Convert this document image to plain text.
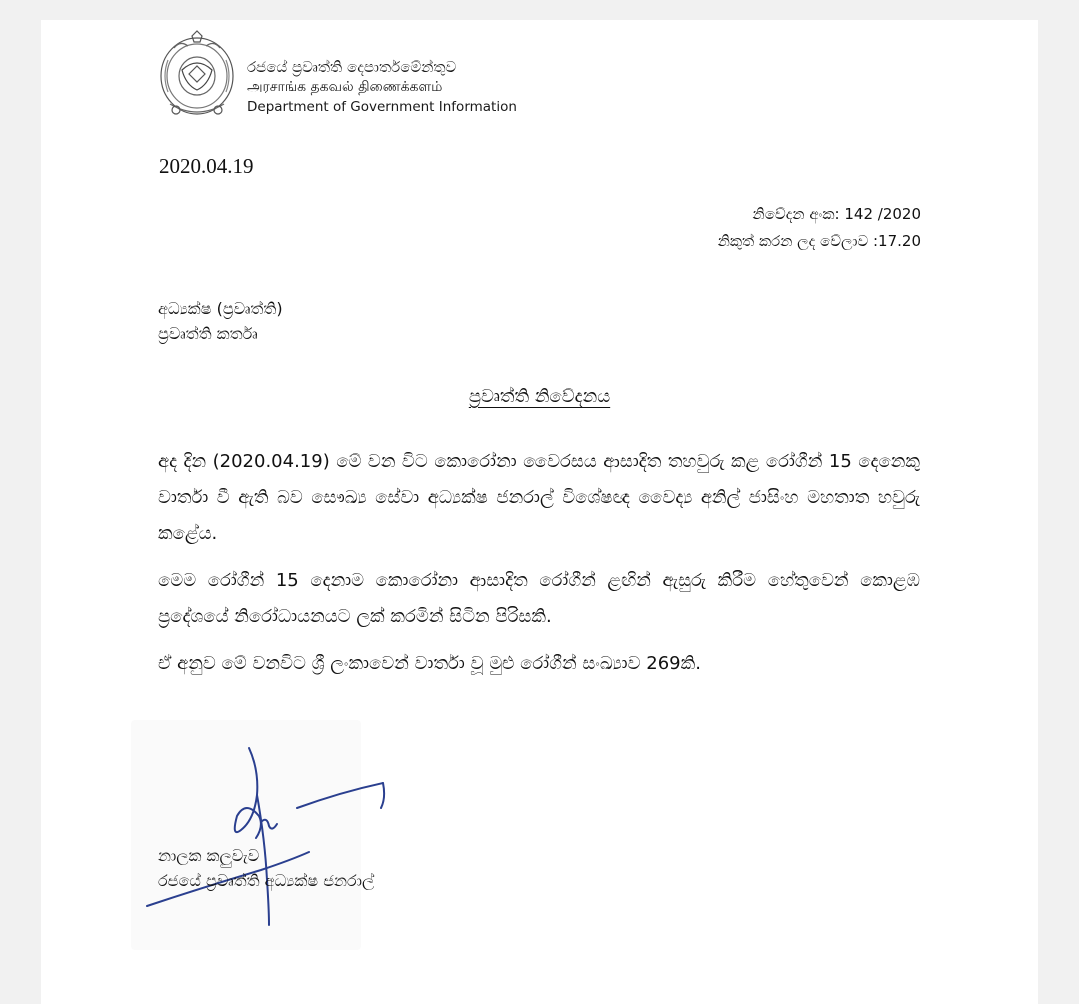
රජයේ ප්‍රවෘත්ති දෙපාර්තමේන්තුව
அரசாங்க தகவல் திணைக்களம்
Department of Government Information
2020.04.19
නිවේදන අංක: 142 /2020
නිකුත් කරන ලද වේලාව :17.20
අධ්‍යක්ෂ (ප්‍රවෘත්ති)
ප්‍රවෘත්ති කර්තෘ
ප්‍රවෘත්ති නිවේදනය

අද දින (2020.04.19) මේ වන විට කොරෝනා වෛරසය ආසාදිත තහවුරු කළ රෝගීන් 15 දෙනෙකු වාර්තා වී ඇති බව සෞඛ්‍ය සේවා අධ්‍යක්ෂ ජනරාල් විශේෂඥ වෛද්‍ය අනිල් ජාසිංහ මහතාත හවුරු කළේය.

මෙම රෝගීන් 15 දෙනාම කොරෝනා ආසාදිත රෝගීන් ළඟින් ඇසුරු කිරීම හේතුවෙන් කොළඹ ප්‍රදේශයේ නිරෝධායනයට ලක් කරමින් සිටින පිරිසකි.

ඒ අනුව මේ වනවිට ශ්‍රී ලංකාවෙන් වාර්තා වූ මුළු රෝගීන් සංඛ්‍යාව 269කි.

නාලක කලුවැව
රජයේ ප්‍රවෘත්ති අධ්‍යක්ෂ ජනරාල්
